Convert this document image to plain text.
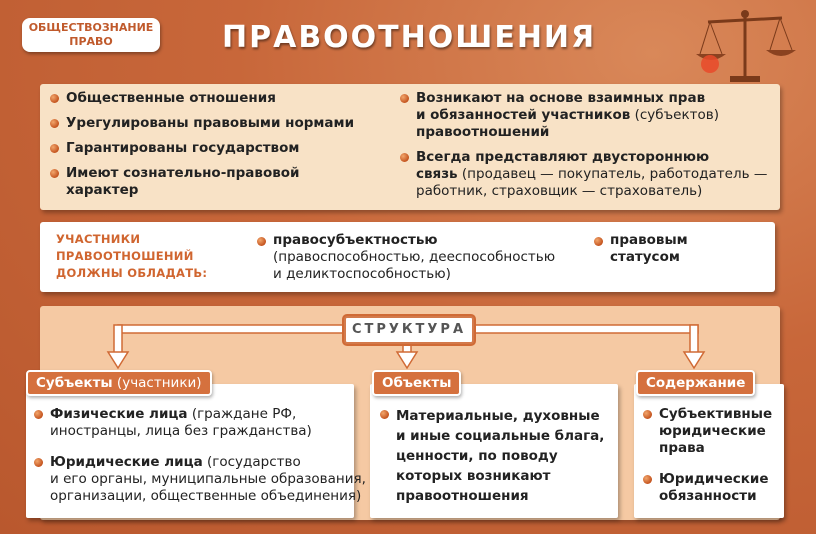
ОБЩЕСТВОЗНАНИЕ
ПРАВО	ПРАВООТНОШЕНИЯ
Общественные отношения
Урегулированы правовыми нормами
Гарантированы государством
Имеют сознательно-правовой
характер
Возникают на основе взаимных прав
и обязанностей участников (субъектов)
правоотношений
Всегда представляют двустороннюю
связь (продавец — покупатель, работодатель —
работник, страховщик — страхователь)
УЧАСТНИКИ
ПРАВООТНОШЕНИЙ
ДОЛЖНЫ ОБЛАДАТЬ:
правосубъектностью
(правоспособностью, дееспособностью
и деликтоспособностью)
правовым
статусом
СТРУКТУРА
Субъекты (участники)
Физические лица (граждане РФ,
иностранцы, лица без гражданства)
Юридические лица (государство
и его органы, муниципальные образования,
организации, общественные объединения)
Объекты
Материальные, духовные
и иные социальные блага,
ценности, по поводу
которых возникают
правоотношения
Содержание
Субъективные
юридические
права
Юридические
обязанности
